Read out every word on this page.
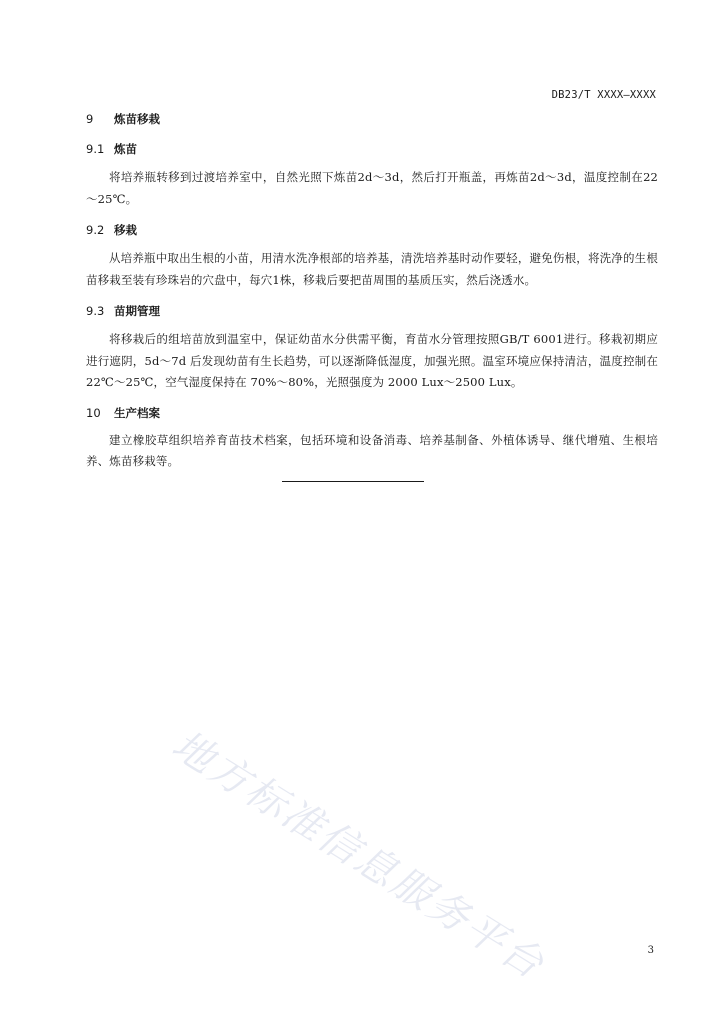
DB23/T XXXX—XXXX
9	炼苗移栽
9.1 炼苗

将培养瓶转移到过渡培养室中，自然光照下炼苗2d～3d，然后打开瓶盖，再炼苗2d～3d，温度控制在22～25℃。

9.2 移栽

从培养瓶中取出生根的小苗，用清水洗净根部的培养基，清洗培养基时动作要轻，避免伤根，将洗净的生根苗移栽至装有珍珠岩的穴盘中，每穴1株，移栽后要把苗周围的基质压实，然后浇透水。

9.3 苗期管理

将移栽后的组培苗放到温室中，保证幼苗水分供需平衡，育苗水分管理按照GB/T 6001进行。移栽初期应进行遮阴，5d～7d 后发现幼苗有生长趋势，可以逐渐降低湿度，加强光照。温室环境应保持清洁，温度控制在 22℃～25℃，空气湿度保持在 70%～80%，光照强度为 2000 Lux～2500 Lux。

10	生产档案

建立橡胶草组织培养育苗技术档案，包括环境和设备消毒、培养基制备、外植体诱导、继代增殖、生根培养、炼苗移栽等。

地方标准信息服务平台	3
